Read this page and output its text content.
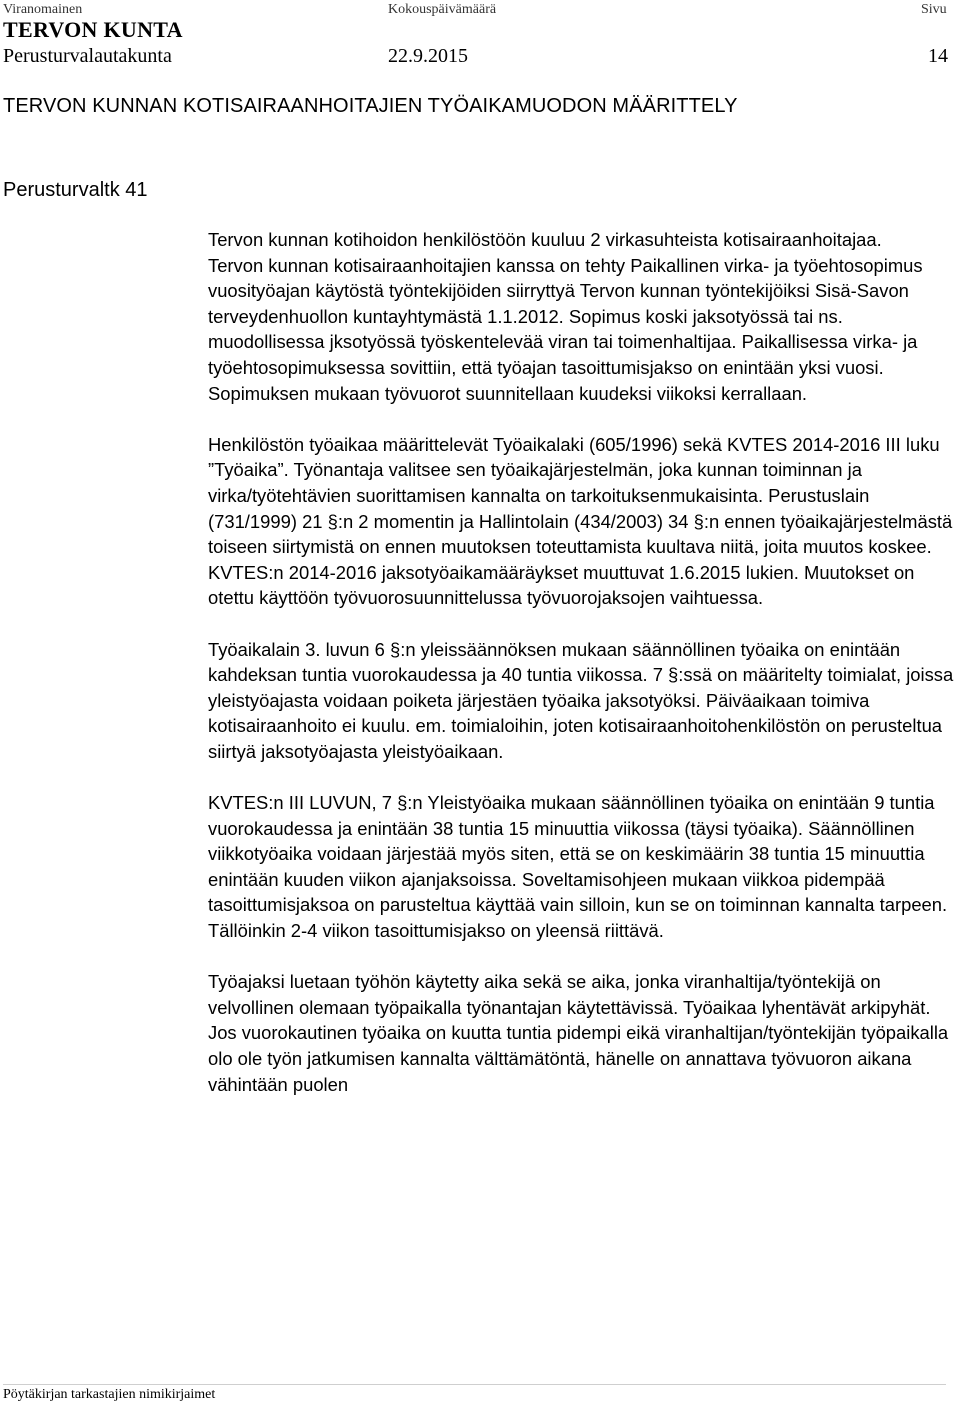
Viranomainen	Kokouspäivämäärä	Sivu
TERVON KUNTA
Perusturvalautakunta	22.9.2015	14
TERVON KUNNAN KOTISAIRAANHOITAJIEN TYÖAIKAMUODON MÄÄRITTELY
Perusturvaltk 41

Tervon kunnan kotihoidon henkilöstöön kuuluu 2 virkasuhteista kotisairaanhoitajaa.

Tervon kunnan kotisairaanhoitajien kanssa on tehty Paikallinen virka- ja työehtosopimus vuosityöajan käytöstä työntekijöiden siirryttyä Tervon kunnan työntekijöiksi Sisä-Savon terveydenhuollon kuntayhtymästä 1.1.2012. Sopimus koski jaksotyössä tai ns. muodollisessa jksotyössä työskentelevää viran tai toimenhaltijaa. Paikallisessa virka- ja työehtosopimuksessa sovittiin, että työajan tasoittumisjakso on enintään yksi vuosi. Sopimuksen mukaan työvuorot suunnitellaan kuudeksi viikoksi kerrallaan.

Henkilöstön työaikaa määrittelevät Työaikalaki (605/1996) sekä KVTES 2014-2016 III luku ”Työaika”. Työnantaja valitsee sen työaikajärjestelmän, joka kunnan toiminnan ja virka/työtehtävien suorittamisen kannalta on tarkoituksenmukaisinta. Perustuslain (731/1999) 21 §:n 2 momentin ja Hallintolain (434/2003) 34 §:n ennen työaikajärjestelmästä toiseen siirtymistä on ennen muutoksen toteuttamista kuultava niitä, joita muutos koskee.

KVTES:n 2014-2016 jaksotyöaikamääräykset muuttuvat 1.6.2015 lukien. Muutokset on otettu käyttöön työvuorosuunnittelussa työvuorojaksojen vaihtuessa.

Työaikalain 3. luvun 6 §:n yleissäännöksen mukaan säännöllinen työaika on enintään kahdeksan tuntia vuorokaudessa ja 40 tuntia viikossa. 7 §:ssä on määritelty toimialat, joissa yleistyöajasta voidaan poiketa järjestäen työaika jaksotyöksi. Päiväaikaan toimiva kotisairaanhoito ei kuulu. em. toimialoihin, joten kotisairaanhoitohenkilöstön on perusteltua siirtyä jaksotyöajasta yleistyöaikaan.

KVTES:n III LUVUN, 7 §:n Yleistyöaika mukaan säännöllinen työaika on enintään 9 tuntia vuorokaudessa ja enintään 38 tuntia 15 minuuttia viikossa (täysi työaika). Säännöllinen viikkotyöaika voidaan järjestää myös siten, että se on keskimäärin 38 tuntia 15 minuuttia enintään kuuden viikon ajanjaksoissa. Soveltamisohjeen mukaan viikkoa pidempää tasoittumisjaksoa on parusteltua käyttää vain silloin, kun se on toiminnan kannalta tarpeen. Tällöinkin 2-4 viikon tasoittumisjakso on yleensä riittävä.

Työajaksi luetaan työhön käytetty aika sekä se aika, jonka viranhaltija/työntekijä on velvollinen olemaan työpaikalla työnantajan käytettävissä. Työaikaa lyhentävät arkipyhät.

Jos vuorokautinen työaika on kuutta tuntia pidempi eikä viranhaltijan/työntekijän työpaikalla olo ole työn jatkumisen kannalta välttämätöntä, hänelle on annattava työvuoron aikana vähintään puolen

Pöytäkirjan tarkastajien nimikirjaimet
